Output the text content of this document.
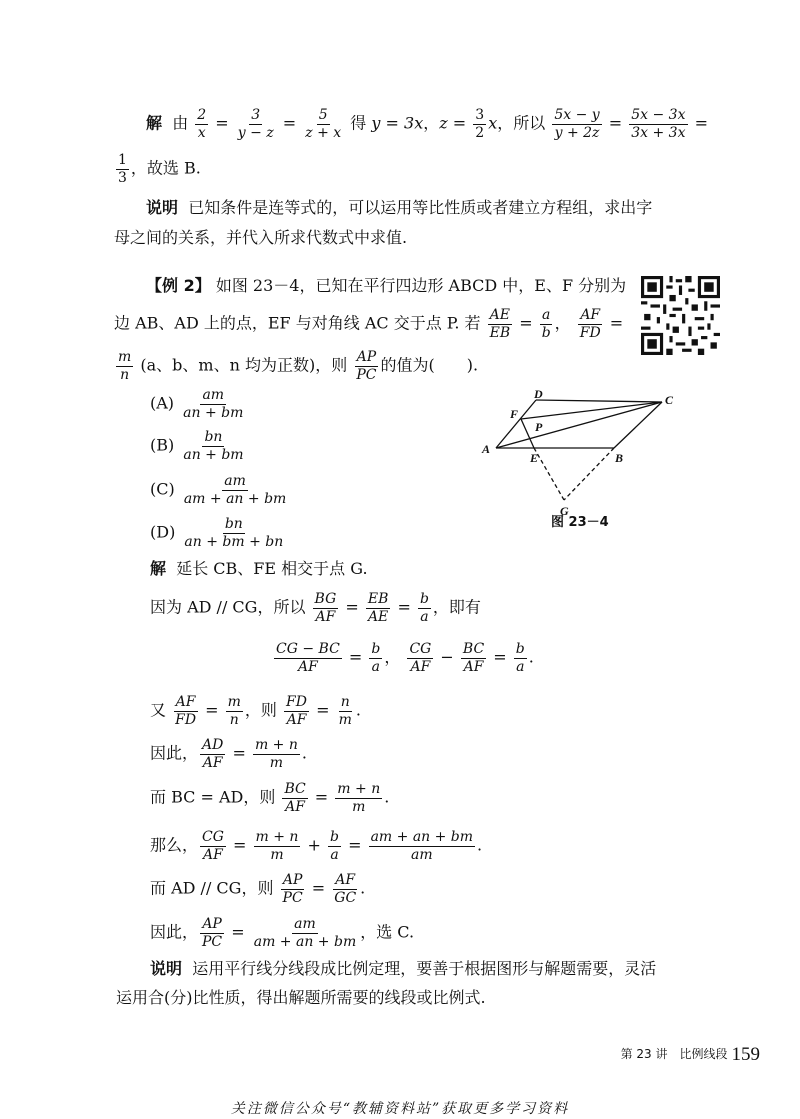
解 由 $\frac{2}{x} = \frac{3}{y - z} = \frac{5}{z + x}$ 得 y = 3x，$z = \frac{3}{2}$ x，所以 $\frac{5x - y}{y + 2z} = \frac{5x - 3x}{3x + 3x}$ =
$\frac{1}{3}$ ，故选 B.
说明 已知条件是连等式的，可以运用等比性质或者建立方程组，求出字
母之间的关系，并代入所求代数式中求值.
【例 2】 如图 23－4，已知在平行四边形 ABCD 中，E、F 分别为
边 AB、AD 上的点，EF 与对角线 AC 交于点 P. 若 $\frac{AE}{EB} = \frac{a}{b}$ ， $\frac{AF}{FD}$ =
$\frac{m}{n} (a$、b、m、n 均为正数)，则 $\frac{AP}{PC}$ 的值为(　　).
$(A) \frac{am}{an + bm}$
$(B) \frac{bn}{an + bm}$
$(C) \frac{am}{am + an + bm}$
$(D) \frac{bn}{an + bm + bn}$
A
B
C
D
E
F
P
G
图 23－4
解 延长 CB、FE 相交于点 G.
因为 AD // CG，所以 $\frac{BG}{AF} = \frac{EB}{AE} = \frac{b}{a}$ ，即有
$\frac{CG - BC}{AF} = \frac{b}{a}$ ， $\frac{CG}{AF} - \frac{BC}{AF} = \frac{b}{a}$ .
又 $\frac{AF}{FD} = \frac{m}{n}$ ，则 $\frac{FD}{AF} = \frac{n}{m}$ .
因此， $\frac{AD}{AF} = \frac{m + n}{m}$ .
而 BC = AD，则 $\frac{BC}{AF} = \frac{m + n}{m}$ .
那么， $\frac{CG}{AF} = \frac{m + n}{m} + \frac{b}{a} = \frac{am + an + bm}{am}$ .
而 AD // CG，则 $\frac{AP}{PC} = \frac{AF}{GC}$ .
因此， $\frac{AP}{PC} = \frac{am}{am + an + bm}$ ，选 C.
说明 运用平行线分线段成比例定理，要善于根据图形与解题需要，灵活
运用合(分)比性质，得出解题所需要的线段或比例式.
第 23 讲　比例线段 159
关注微信公众号“教辅资料站”获取更多学习资料
